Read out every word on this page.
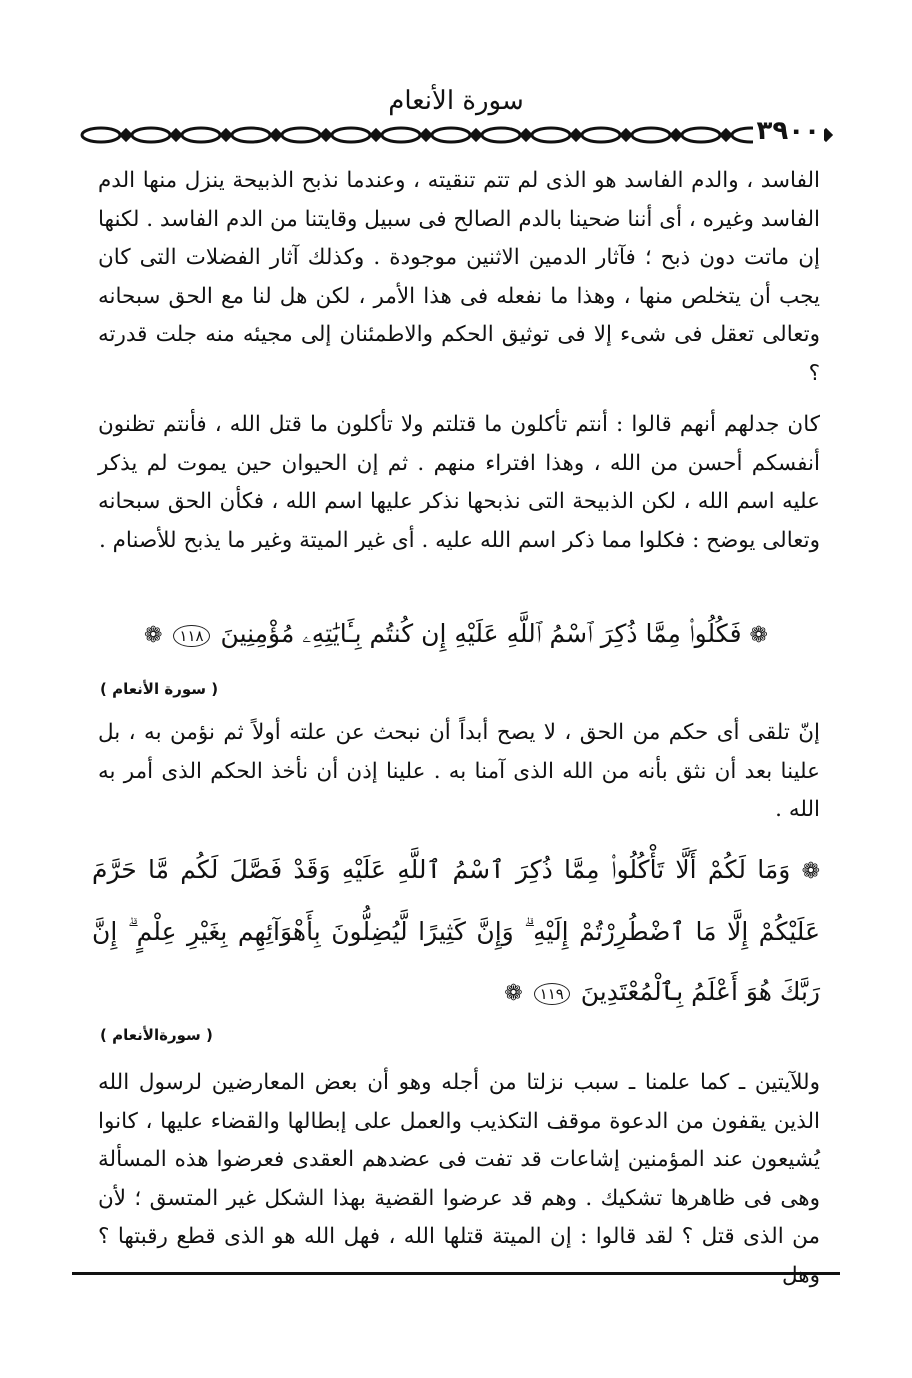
سورة الأنعام
٣٩٠٠
الفاسد ، والدم الفاسد هو الذى لم تتم تنقيته ، وعندما نذبح الذبيحة ينزل منها الدم الفاسد وغيره ، أى أننا ضحينا بالدم الصالح فى سبيل وقايتنا من الدم الفاسد . لكنها إن ماتت دون ذبح ؛ فآثار الدمين الاثنين موجودة . وكذلك آثار الفضلات التى كان يجب أن يتخلص منها ، وهذا ما نفعله فى هذا الأمر ، لكن هل لنا مع الحق سبحانه وتعالى تعقل فى شىء إلا فى توثيق الحكم والاطمئنان إلى مجيئه منه جلت قدرته ؟
كان جدلهم أنهم قالوا : أنتم تأكلون ما قتلتم ولا تأكلون ما قتل الله ، فأنتم تظنون أنفسكم أحسن من الله ، وهذا افتراء منهم . ثم إن الحيوان حين يموت لم يذكر عليه اسم الله ، لكن الذبيحة التى نذبحها نذكر عليها اسم الله ، فكأن الحق سبحانه وتعالى يوضح : فكلوا مما ذكر اسم الله عليه . أى غير الميتة وغير ما يذبح للأصنام .
❁ فَكُلُوا۟ مِمَّا ذُكِرَ ٱسْمُ ٱللَّهِ عَلَيْهِ إِن كُنتُم بِـَٔايَٰتِهِۦ مُؤْمِنِينَ ١١٨ ❁
( سورة الأنعام )
إنّ تلقى أى حكم من الحق ، لا يصح أبداً أن نبحث عن علته أولاً ثم نؤمن به ، بل علينا بعد أن نثق بأنه من الله الذى آمنا به . علينا إذن أن نأخذ الحكم الذى أمر به الله .
❁ وَمَا لَكُمْ أَلَّا تَأْكُلُوا۟ مِمَّا ذُكِرَ ٱسْمُ ٱللَّهِ عَلَيْهِ وَقَدْ فَصَّلَ لَكُم مَّا حَرَّمَ عَلَيْكُمْ إِلَّا مَا ٱضْطُرِرْتُمْ إِلَيْهِ ۗ وَإِنَّ كَثِيرًا لَّيُضِلُّونَ بِأَهْوَآئِهِم بِغَيْرِ عِلْمٍ ۗ إِنَّ رَبَّكَ هُوَ أَعْلَمُ بِٱلْمُعْتَدِينَ ١١٩ ❁
( سورةالأنعام )
وللآيتين ـ كما علمنا ـ سبب نزلتا من أجله وهو أن بعض المعارضين لرسول الله الذين يقفون من الدعوة موقف التكذيب والعمل على إبطالها والقضاء عليها ، كانوا يُشيعون عند المؤمنين إشاعات قد تفت فى عضدهم العقدى فعرضوا هذه المسألة وهى فى ظاهرها تشكيك . وهم قد عرضوا القضية بهذا الشكل غير المتسق ؛ لأن من الذى قتل ؟ لقد قالوا : إن الميتة قتلها الله ، فهل الله هو الذى قطع رقبتها ؟ وهل
